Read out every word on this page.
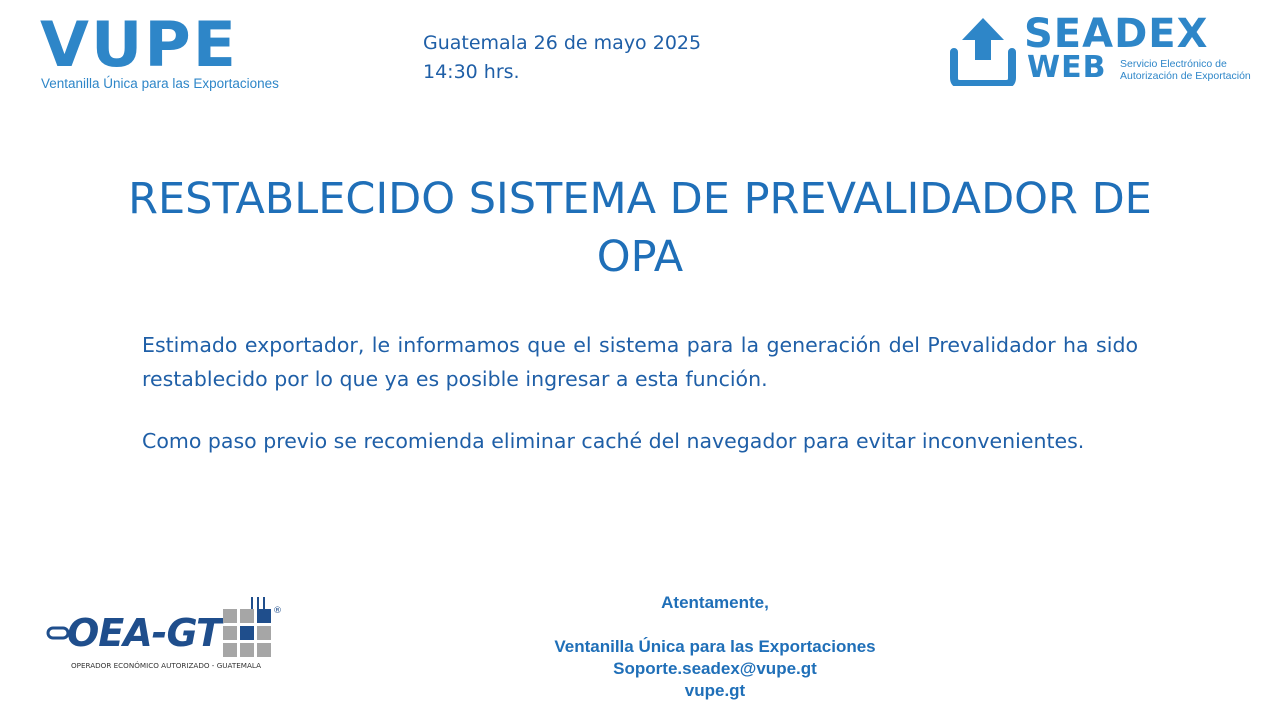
VUPE
Ventanilla Única para las Exportaciones
Guatemala 26 de mayo 2025
14:30 hrs.
SEADEX
WEB Servicio Electrónico de
Autorización de Exportación
RESTABLECIDO SISTEMA DE PREVALIDADOR DE OPA

Estimado exportador, le informamos que el sistema para la generación del Prevalidador ha sido restablecido por lo que ya es posible ingresar a esta función.

Como paso previo se recomienda eliminar caché del navegador para evitar inconvenientes.

OEA-GT	®
OPERADOR ECONÓMICO AUTORIZADO - GUATEMALA
Atentamente,
Ventanilla Única para las Exportaciones
Soporte.seadex@vupe.gt
vupe.gt
